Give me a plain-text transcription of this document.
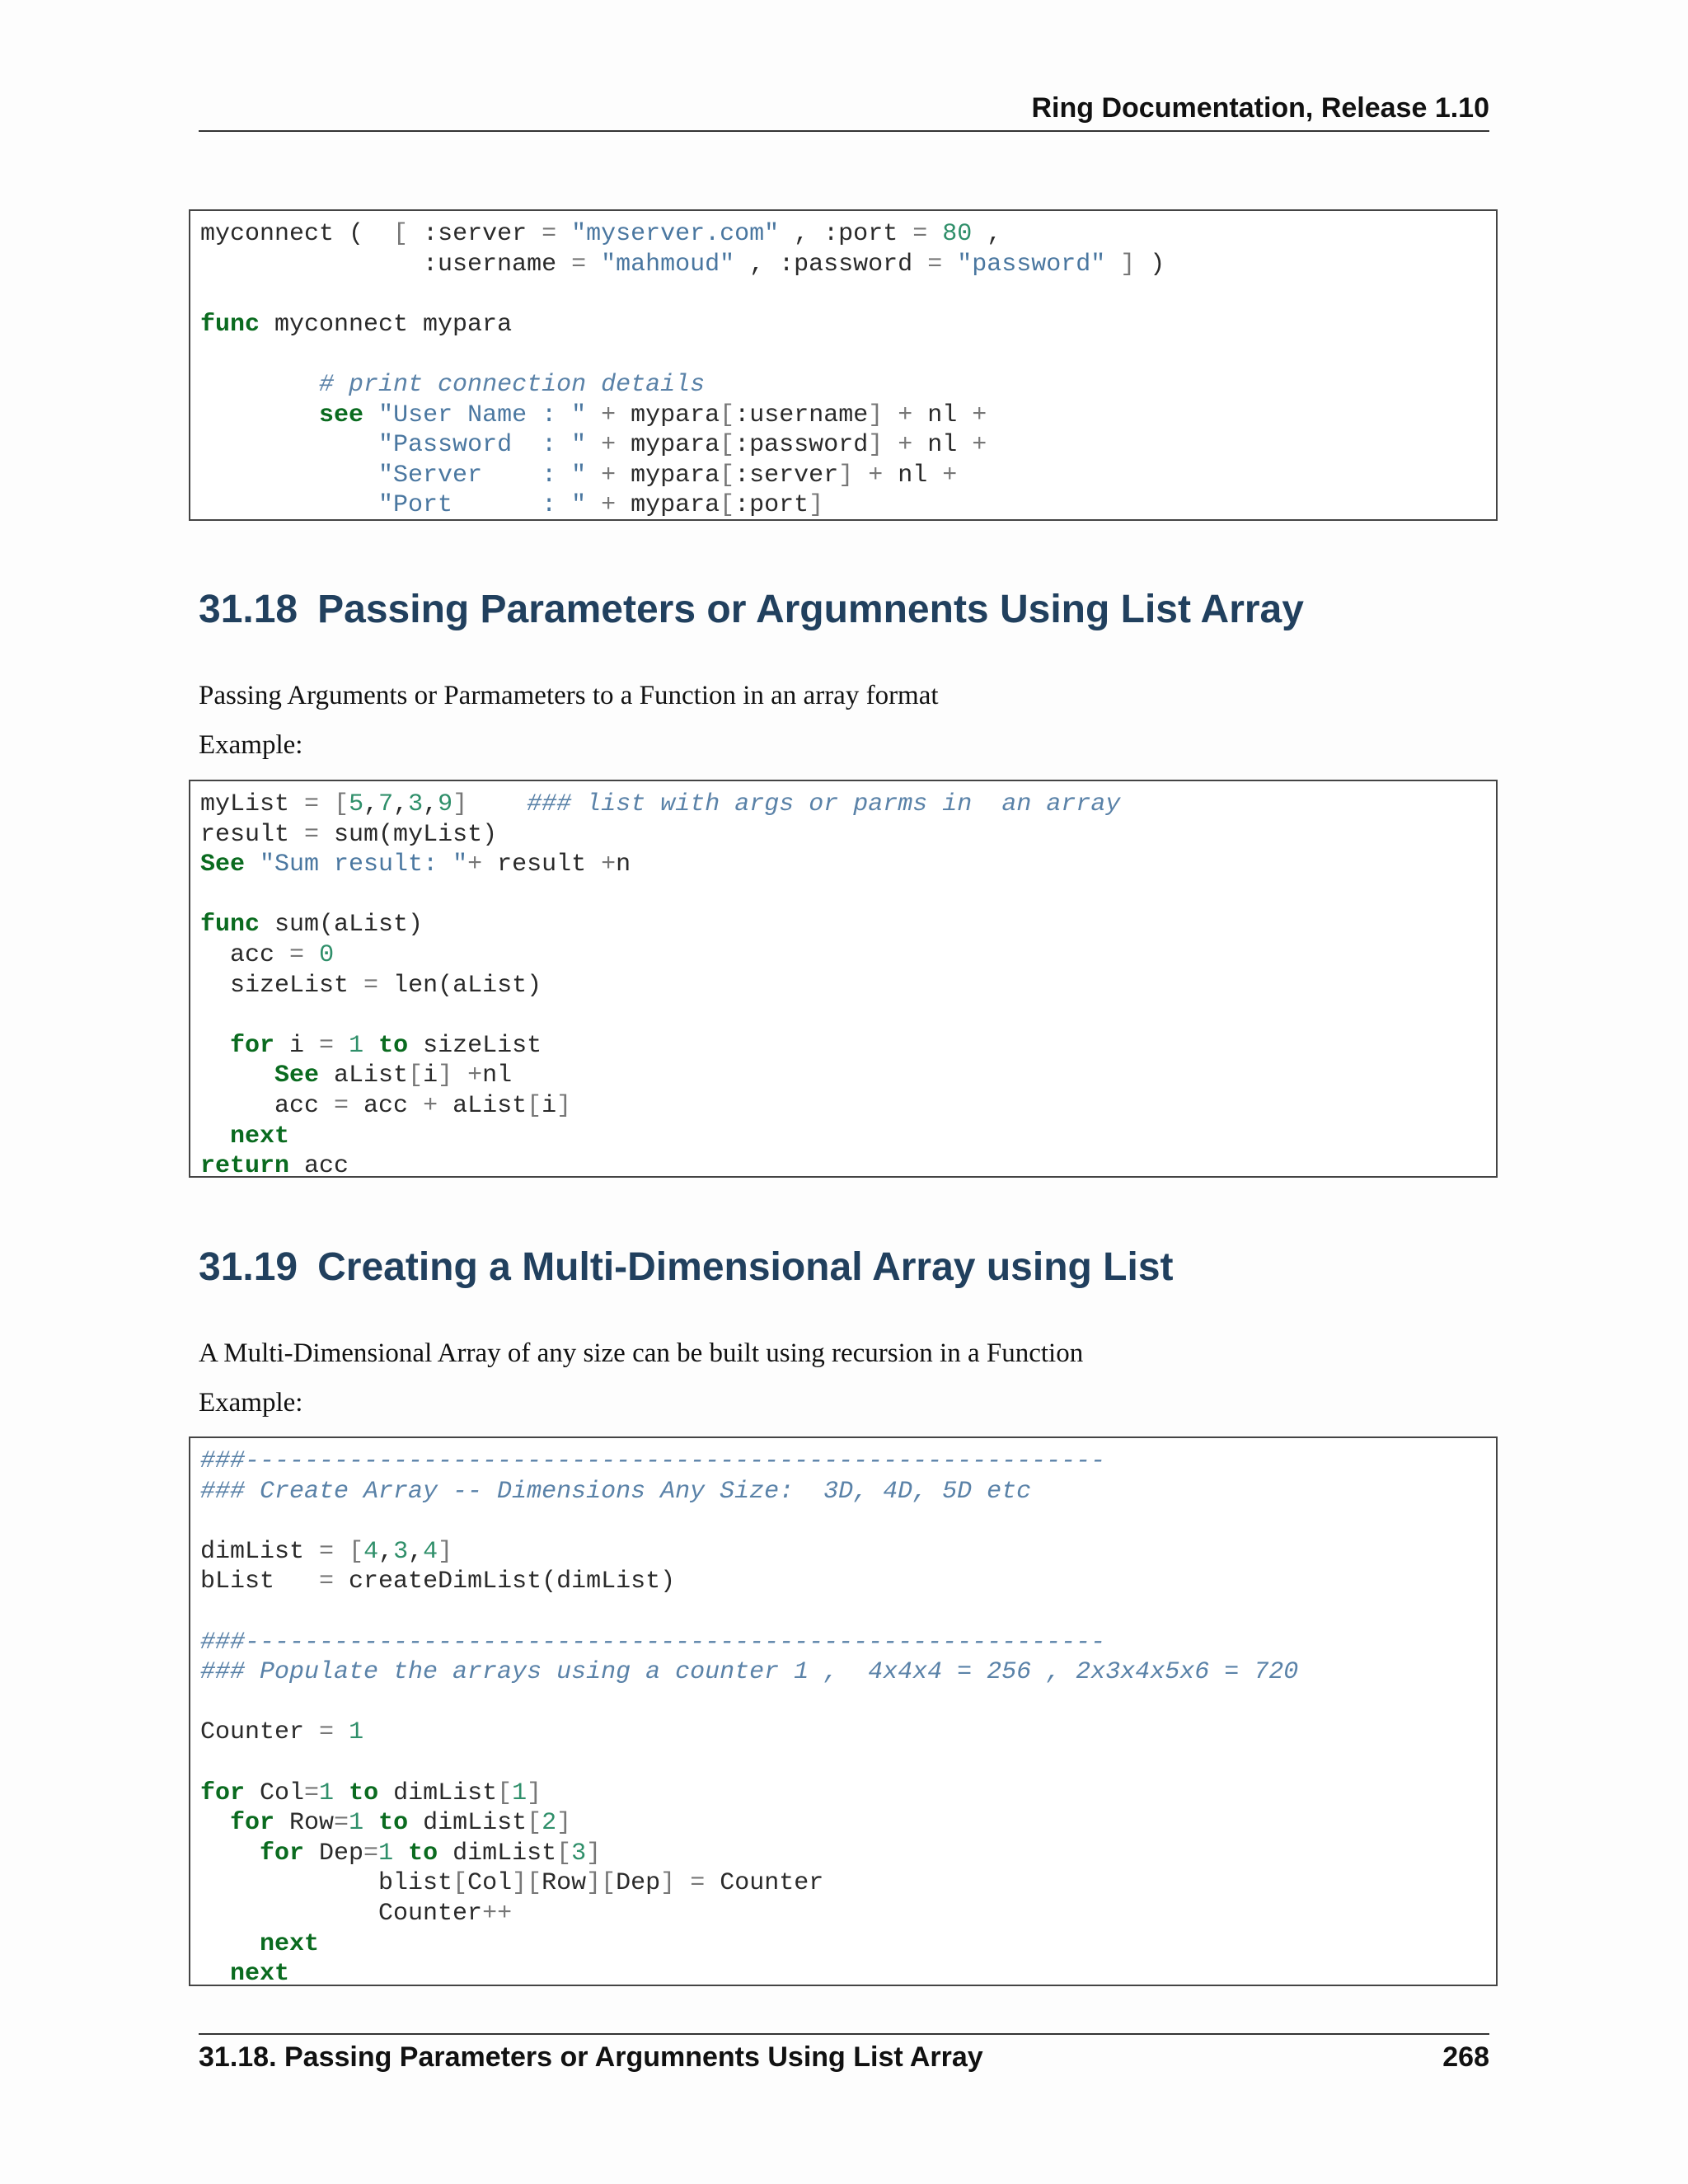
Ring Documentation, Release 1.10
myconnect (  [ :server = "myserver.com" , :port = 80 ,
:username = "mahmoud" , :password = "password" ] )
func myconnect mypara
# print connection details
see "User Name : " + mypara[:username] + nl +
"Password  : " + mypara[:password] + nl +
"Server    : " + mypara[:server] + nl +
"Port      : " + mypara[:port]
31.18 Passing Parameters or Argumnents Using List Array

Passing Arguments or Parmameters to a Function in an array format

Example:

myList = [5,7,3,9] ### list with args or parms in  an array
result = sum(myList)
See "Sum result: "+ result +n
func sum(aList)
acc = 0
sizeList = len(aList)
for i = 1 to sizeList
See aList[i] +nl
acc = acc + aList[i]
next
return acc
31.19 Creating a Multi-Dimensional Array using List

A Multi-Dimensional Array of any size can be built using recursion in a Function

Example:

###----------------------------------------------------------
### Create Array -- Dimensions Any Size:  3D, 4D, 5D etc
dimList = [4,3,4]
bList   = createDimList(dimList)
###----------------------------------------------------------
### Populate the arrays using a counter 1 ,  4x4x4 = 256 , 2x3x4x5x6 = 720
Counter = 1
for Col=1 to dimList[1]
for Row=1 to dimList[2]
for Dep=1 to dimList[3]
blist[Col][Row][Dep] = Counter
Counter++
next
next
31.18. Passing Parameters or Argumnents Using List Array	268
